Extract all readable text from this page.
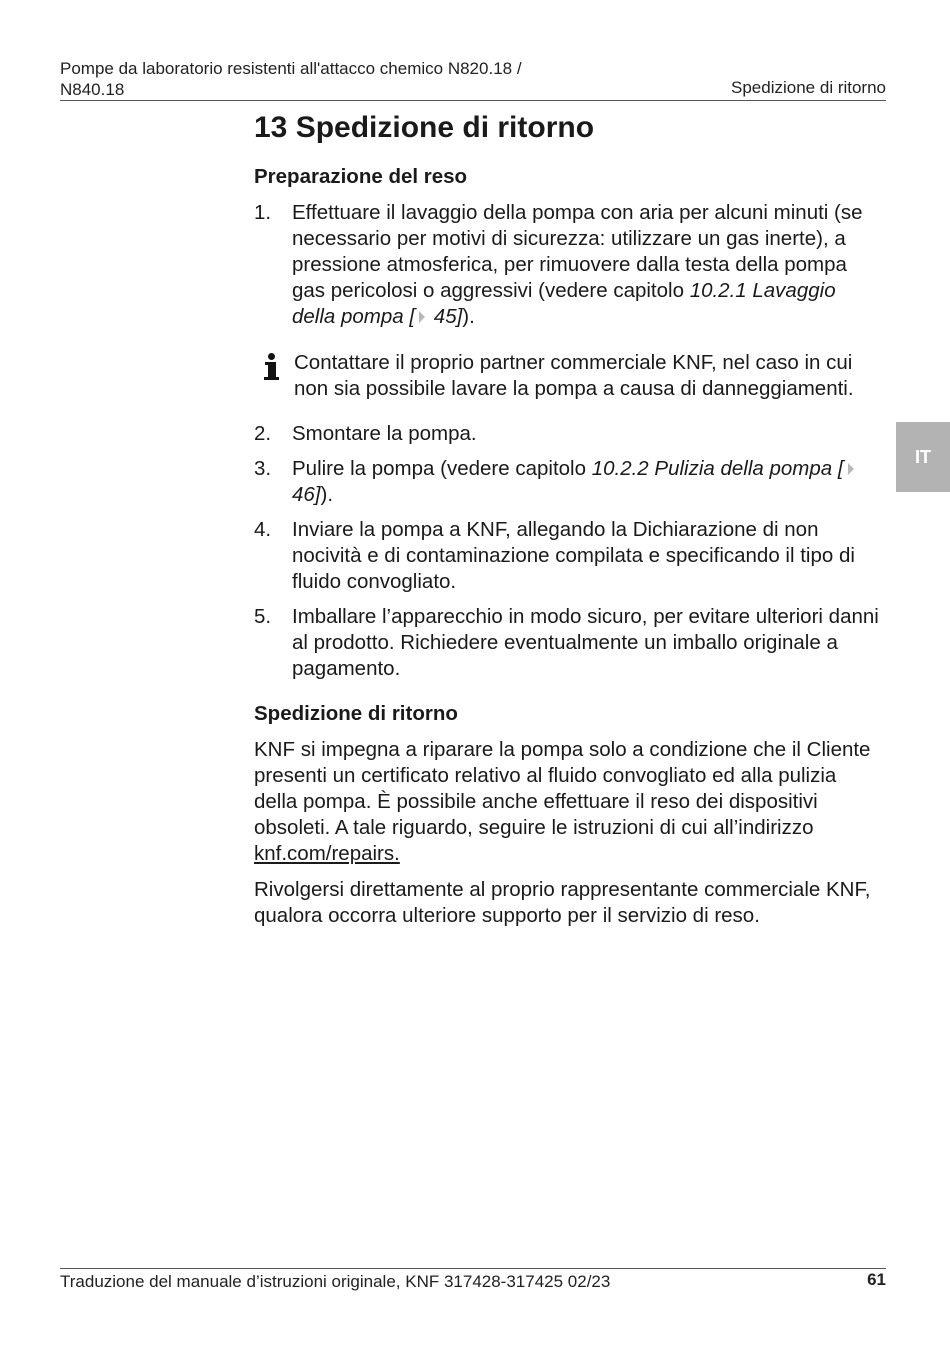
Pompe da laboratorio resistenti all'attacco chemico N820.18 / N840.18	Spedizione di ritorno
IT
13 Spedizione di ritorno
Preparazione del reso
1.	Effettuare il lavaggio della pompa con aria per alcuni minuti (se necessario per motivi di sicurezza: utilizzare un gas inerte), a pressione atmosferica, per rimuovere dalla testa della pompa gas pericolosi o aggressivi (vedere capitolo 10.2.1 Lavaggio della pompa [ 45]).
Contattare il proprio partner commerciale KNF, nel caso in cui non sia possibile lavare la pompa a causa di danneggiamenti.
2.	Smontare la pompa.
3.	Pulire la pompa (vedere capitolo 10.2.2 Pulizia della pompa [ 46]).
4.	Inviare la pompa a KNF, allegando la Dichiarazione di non nocività e di contaminazione compilata e specificando il tipo di fluido convogliato.
5.	Imballare l’apparecchio in modo sicuro, per evitare ulteriori danni al prodotto. Richiedere eventualmente un imballo originale a pagamento.
Spedizione di ritorno

KNF si impegna a riparare la pompa solo a condizione che il Cliente presenti un certificato relativo al fluido convogliato ed alla pulizia della pompa. È possibile anche effettuare il reso dei dispositivi obsoleti. A tale riguardo, seguire le istruzioni di cui all’indirizzo knf.com/repairs.

Rivolgersi direttamente al proprio rappresentante commerciale KNF, qualora occorra ulteriore supporto per il servizio di reso.

Traduzione del manuale d’istruzioni originale, KNF 317428-317425 02/23	61
